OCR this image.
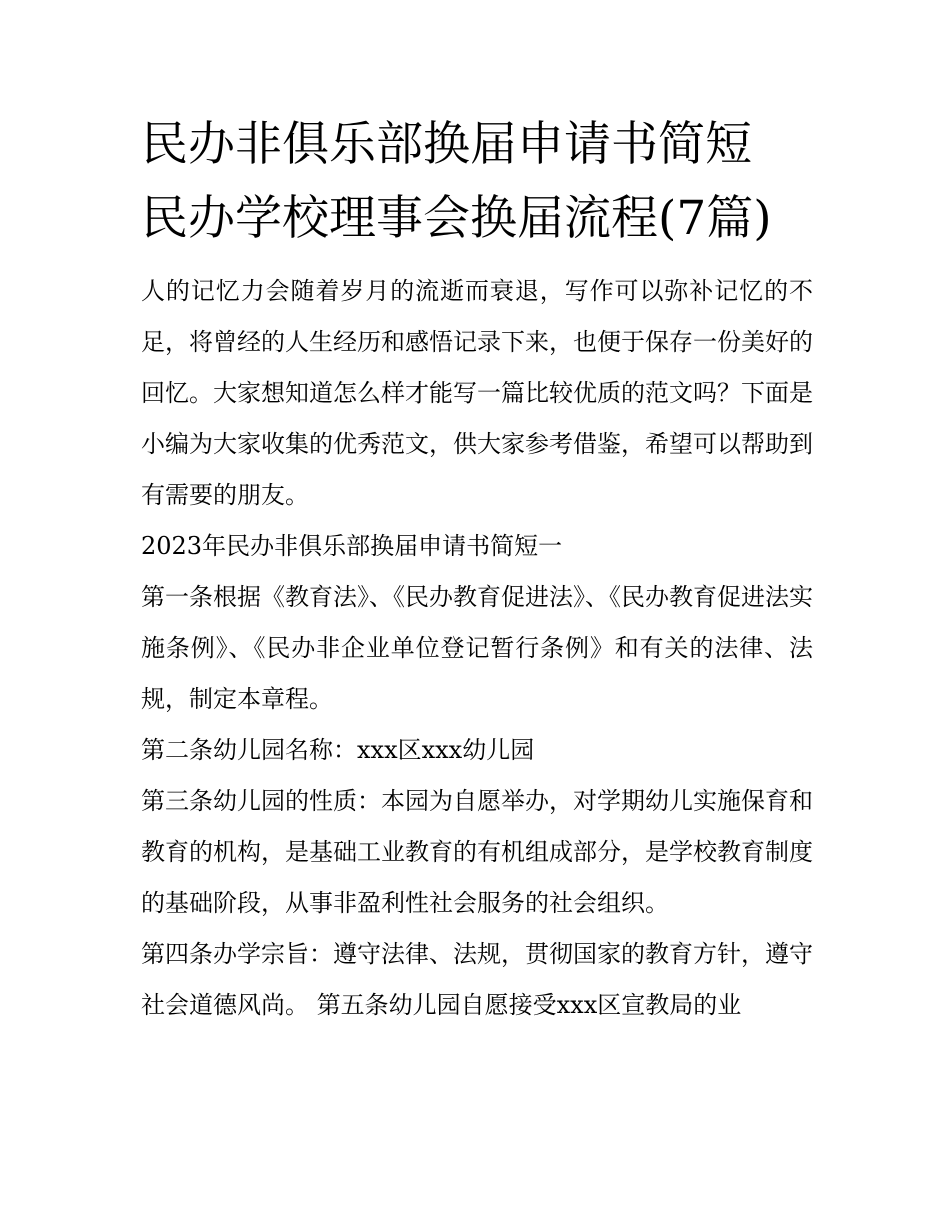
民办非俱乐部换届申请书简短 民办学校理事会换届流程(7篇)

人的记忆力会随着岁月的流逝而衰退，写作可以弥补记忆的不足，将曾经的人生经历和感悟记录下来，也便于保存一份美好的回忆。大家想知道怎么样才能写一篇比较优质的范文吗？下面是小编为大家收集的优秀范文，供大家参考借鉴，希望可以帮助到有需要的朋友。

2023年民办非俱乐部换届申请书简短一

第一条根据《教育法》、《民办教育促进法》、《民办教育促进法实施条例》、《民办非企业单位登记暂行条例》和有关的法律、法规，制定本章程。

第二条幼儿园名称：xxx区xxx幼儿园

第三条幼儿园的性质：本园为自愿举办，对学期幼儿实施保育和教育的机构，是基础工业教育的有机组成部分，是学校教育制度的基础阶段，从事非盈利性社会服务的社会组织。

第四条办学宗旨：遵守法律、法规，贯彻国家的教育方针，遵守社会道德风尚。 第五条幼儿园自愿接受xxx区宣教局的业
